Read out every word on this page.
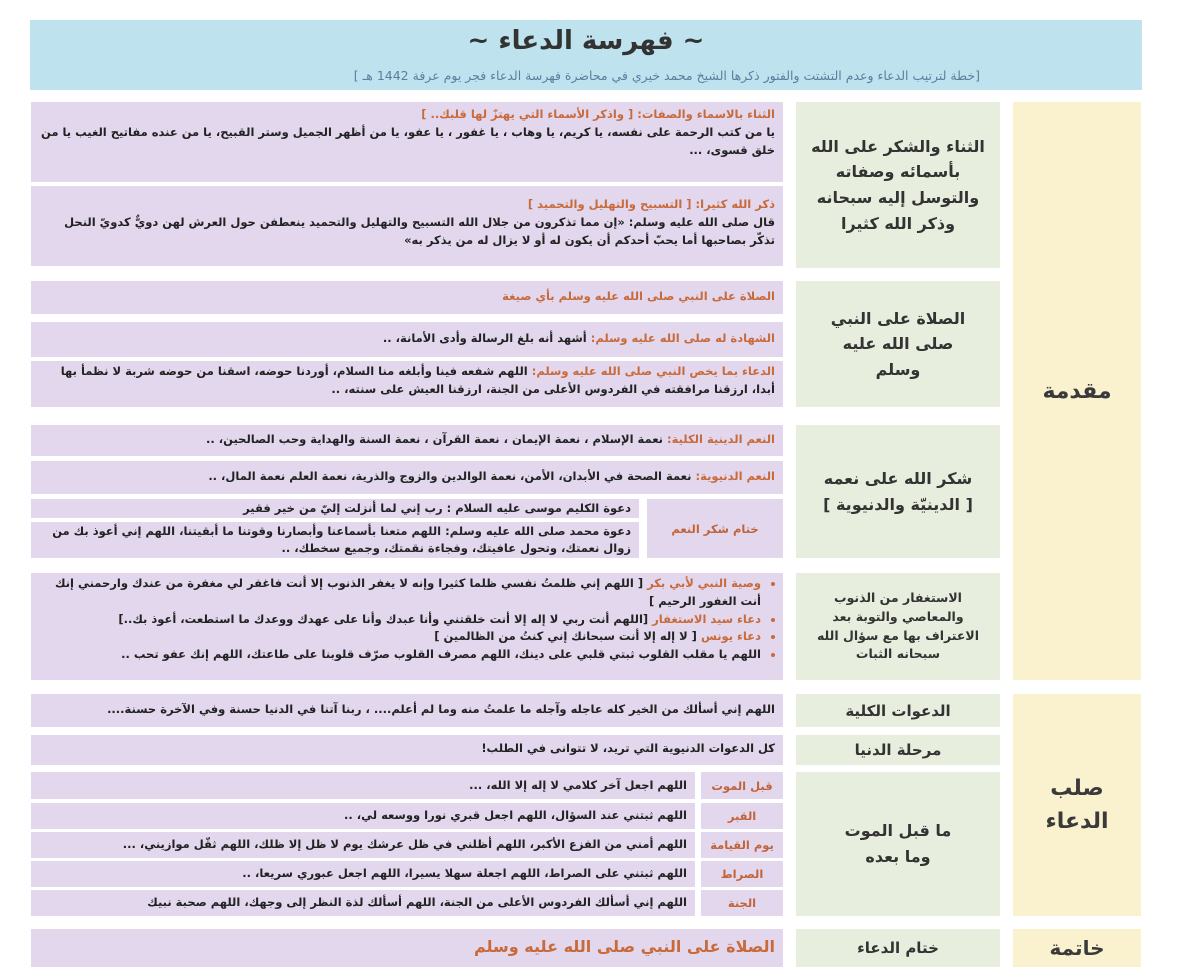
~ فهرسة الدعاء ~
[خطة لترتيب الدعاء وعدم التشتت والفتور ذكرها الشيخ محمد خيري في محاضرة فهرسة الدعاء فجر يوم عرفة 1442 هـ ]
مقدمة
صلب الدعاء
خاتمة
الثناء والشكر على الله بأسمائه وصفاته والتوسل إليه سبحانه وذكر الله كثيرا
الصلاة على النبي صلى الله عليه وسلم
شكر الله على نعمه
[ الدينيّة والدنيوية ]
الاستغفار من الذنوب والمعاصي والتوبة بعد الاعتراف بها مع سؤال الله سبحانه الثبات
الدعوات الكلية
مرحلة الدنيا
ما قبل الموت وما بعده
ختام الدعاء
الثناء بالاسماء والصفات: [ واذكر الأسماء التي يهتزّ لها قلبك.. ]
يا من كتب الرحمة على نفسه، يا كريم، يا وهاب ، يا غفور ، يا عفو، يا من أظهر الجميل وستر القبيح، يا من عنده مفاتيح الغيب يا من خلق قسوى، ...
ذكر الله كثيرا: [ التسبيح والتهليل والتحميد ]
قال صلى الله عليه وسلم: «إن مما تذكرون من جلال الله التسبيح والتهليل والتحميد ينعطفن حول العرش لهن دويٌّ كدويّ النحل تذكّر بصاحبها أما يحبّ أحدكم أن يكون له أو لا يزال له من يذكر به»
الصلاة على النبي صلى الله عليه وسلم بأي صيغة
الشهادة له صلى الله عليه وسلم: أشهد أنه بلغ الرسالة وأدى الأمانة، ..
الدعاء بما يخص النبي صلى الله عليه وسلم: اللهم شفعه فينا وأبلغه منا السلام، أوردنا حوضه، اسقنا من حوضه شربة لا نظمأ بها أبدا، ارزقنا مرافقته في الفردوس الأعلى من الجنة، ارزقنا العيش على سنته، ..
النعم الدينية الكلية: نعمة الإسلام ، نعمة الإيمان ، نعمة القرآن ، نعمة السنة والهداية وحب الصالحين، ..
النعم الدنيوية: نعمة الصحة في الأبدان، الأمن، نعمة الوالدين والزوج والذرية، نعمة العلم نعمة المال، ..
ختام شكر النعم
دعوة الكليم موسى عليه السلام : رب إني لما أنزلت إليّ من خير فقير
دعوة محمد صلى الله عليه وسلم: اللهم متعنا بأسماعنا وأبصارنا وقوتنا ما أبقيتنا، اللهم إني أعوذ بك من زوال نعمتك، وتحول عافيتك، وفجاءة نقمتك، وجميع سخطك، ..
• وصية النبي لأبي بكر [ اللهم إني ظلمتُ نفسي ظلما كثيرا وإنه لا يغفر الذنوب إلا أنت فاغفر لي مغفرة من عندك وارحمني إنك أنت الغفور الرحيم ]
• دعاء سيد الاستغفار [اللهم أنت ربي لا إله إلا أنت خلقتني وأنا عبدك وأنا على عهدك ووعدك ما استطعت، أعوذ بك..]
• دعاء يونس [ لا إله إلا أنت سبحانك إني كنتُ من الظالمين ]
• اللهم يا مقلب القلوب ثبتي قلبي على دينك، اللهم مصرف القلوب صرّف قلوبنا على طاعتك، اللهم إنك عفو تحب ..
اللهم إني أسألك من الخير كله عاجله وآجله ما علمتُ منه وما لم أعلم.... ، ربنا آتنا في الدنيا حسنة وفي الآخرة حسنة....
كل الدعوات الدنيوية التي تريد، لا تتوانى في الطلب!
قبل الموت
اللهم اجعل آخر كلامي لا إله إلا الله، ...
القبر
اللهم ثبتني عند السؤال، اللهم اجعل قبري نورا ووسعه لي، ..
يوم القيامة
اللهم أمني من الفزع الأكبر، اللهم أظلني في ظل عرشك يوم لا ظل إلا ظلك، اللهم ثقّل موازيني، ...
الصراط
اللهم ثبتني على الصراط، اللهم اجعلة سهلا يسيرا، اللهم اجعل عبوري سريعا، ..
الجنة
اللهم إني أسألك الفردوس الأعلى من الجنة، اللهم أسألك لذة النظر إلى وجهك، اللهم صحبة نبيك
الصلاة على النبي صلى الله عليه وسلم
